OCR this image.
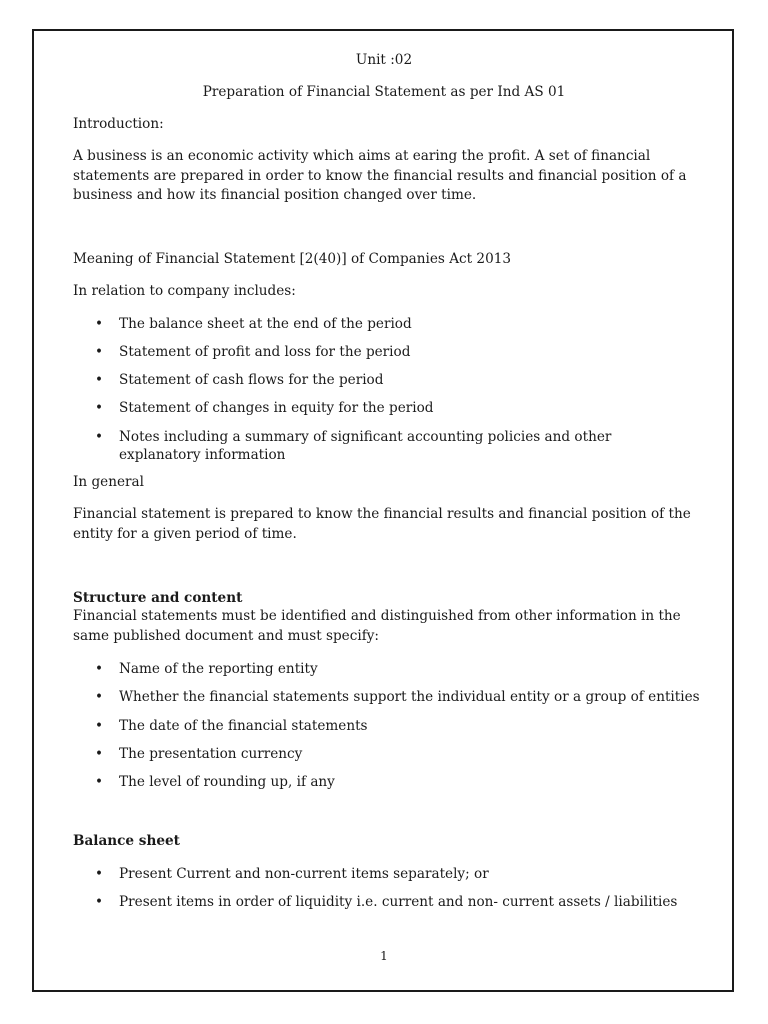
Unit :02
Preparation of Financial Statement as per Ind AS 01
Introduction:
A business is an economic activity which aims at earing the profit. A set of financial statements are prepared in order to know the financial results and financial position of a business and how its financial position changed over time.
Meaning of Financial Statement [2(40)] of Companies Act 2013
In relation to company includes:
• The balance sheet at the end of the period
• Statement of profit and loss for the period
• Statement of cash flows for the period
• Statement of changes in equity for the period
• Notes including a summary of significant accounting policies and other explanatory information
In general
Financial statement is prepared to know the financial results and financial position of the entity for a given period of time.
Structure and content
Financial statements must be identified and distinguished from other information in the same published document and must specify:
• Name of the reporting entity
• Whether the financial statements support the individual entity or a group of entities
• The date of the financial statements
• The presentation currency
• The level of rounding up, if any
Balance sheet
• Present Current and non-current items separately; or
• Present items in order of liquidity i.e. current and non- current assets / liabilities
1
